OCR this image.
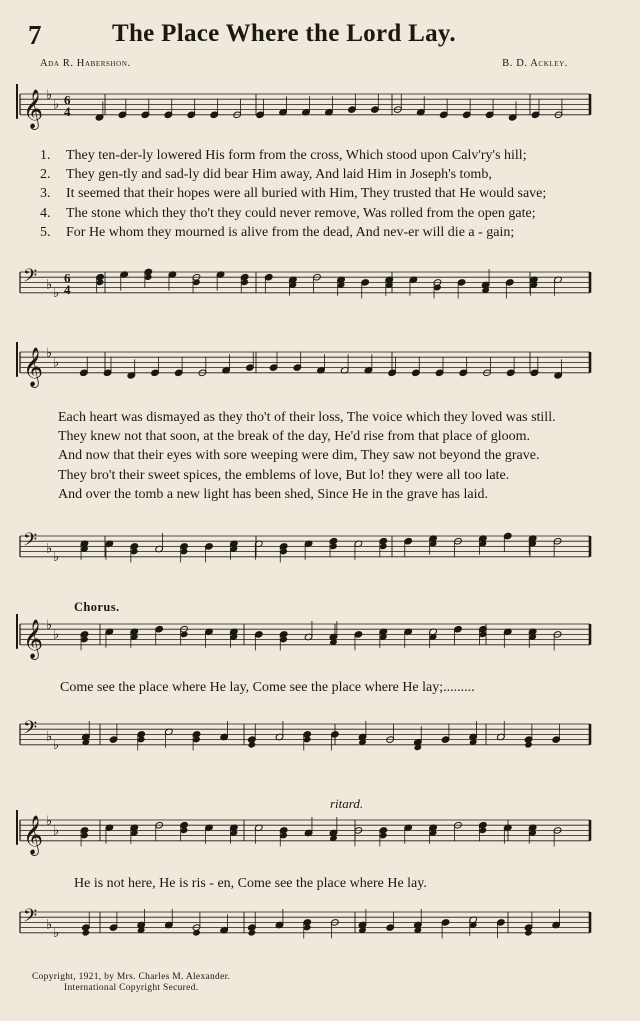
7	The Place Where the Lord Lay.
Ada R. Habershon.	B. D. Ackley.
𝄞 ♭
♭ 6
4
1. They ten-der-ly lowered His form from the cross, Which stood upon Calv'ry's hill;
2. They gen-tly and sad-ly did bear Him away, And laid Him in Joseph's tomb,
3. It seemed that their hopes were all buried with Him, They trusted that He would save;
4. The stone which they tho't they could never remove, Was rolled from the open gate;
5. For He whom they mourned is alive from the dead, And nev-er will die a - gain;
𝄢 ♭
♭
6
4
𝄞 ♭
♭
Each heart was dismayed as they tho't of their loss, The voice which they loved was still.
They knew not that soon, at the break of the day, He'd rise from that place of gloom.
And now that their eyes with sore weeping were dim, They saw not beyond the grave.
They bro't their sweet spices, the emblems of love, But lo! they were all too late.
And over the tomb a new light has been shed, Since He in the grave has laid.
𝄢 ♭
♭
Chorus.
𝄞 ♭
♭
Come see the place where He lay, Come see the place where He lay;.........
𝄢 ♭
♭
ritard.
𝄞 ♭
♭
He is not here, He is ris - en, Come see the place where He lay.
𝄢 ♭
♭
Copyright, 1921, by Mrs. Charles M. Alexander.
International Copyright Secured.
